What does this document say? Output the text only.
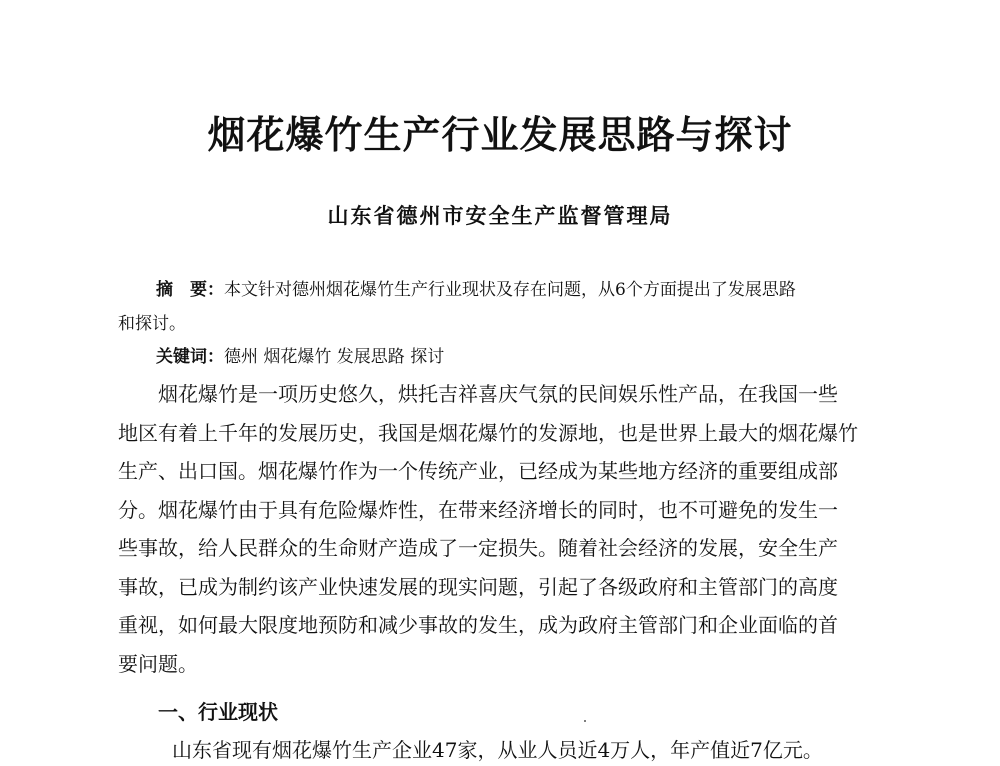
烟花爆竹生产行业发展思路与探讨
山东省德州市安全生产监督管理局
摘　要：本文针对德州烟花爆竹生产行业现状及存在问题，从6个方面提出了发展思路
和探讨。
关键词：德州 烟花爆竹 发展思路 探讨
烟花爆竹是一项历史悠久，烘托吉祥喜庆气氛的民间娱乐性产品，在我国一些
地区有着上千年的发展历史，我国是烟花爆竹的发源地，也是世界上最大的烟花爆竹
生产、出口国。烟花爆竹作为一个传统产业，已经成为某些地方经济的重要组成部
分。烟花爆竹由于具有危险爆炸性，在带来经济增长的同时，也不可避免的发生一
些事故，给人民群众的生命财产造成了一定损失。随着社会经济的发展，安全生产
事故，已成为制约该产业快速发展的现实问题，引起了各级政府和主管部门的高度
重视，如何最大限度地预防和减少事故的发生，成为政府主管部门和企业面临的首
要问题。
一、行业现状
山东省现有烟花爆竹生产企业47家，从业人员近4万人，年产值近7亿元。
